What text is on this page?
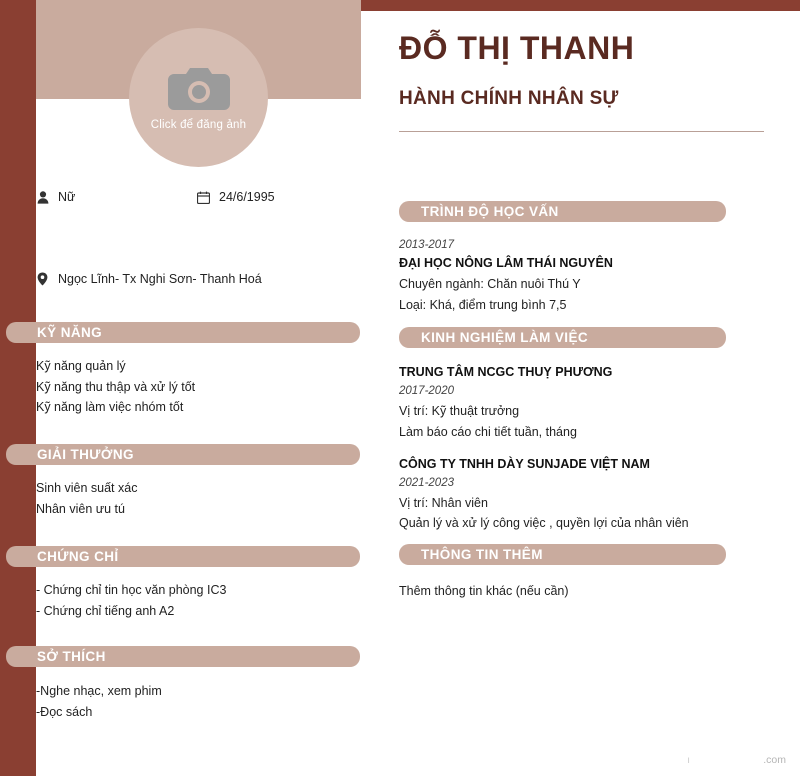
Click để đăng ảnh
ĐỖ THỊ THANH
HÀNH CHÍNH NHÂN SỰ
Nữ	24/6/1995
Ngọc Lĩnh- Tx Nghi Sơn- Thanh Hoá
KỸ NĂNG
Kỹ năng quản lý
Kỹ năng thu thập và xử lý tốt
Kỹ năng làm việc nhóm tốt
GIẢI THƯỞNG
Sinh viên suất xác
Nhân viên ưu tú
CHỨNG CHỈ
- Chứng chỉ tin học văn phòng IC3
- Chứng chỉ tiếng anh A2
SỞ THÍCH
-Nghe nhạc, xem phim
-Đọc sách
TRÌNH ĐỘ HỌC VẤN
2013-2017
ĐẠI HỌC NÔNG LÂM THÁI NGUYÊN
Chuyên ngành: Chăn nuôi Thú Y
Loại: Khá, điểm trung bình 7,5
KINH NGHIỆM LÀM VIỆC
TRUNG TÂM NCGC THUỴ PHƯƠNG
2017-2020
Vị trí: Kỹ thuật trưởng
Làm báo cáo chi tiết tuần, tháng
CÔNG TY TNHH DÀY SUNJADE VIỆT NAM
2021-2023
Vị trí: Nhân viên
Quản lý và xử lý công việc , quyền lợi của nhân viên
THÔNG TIN THÊM
Thêm thông tin khác (nếu cần)
ı	.com
